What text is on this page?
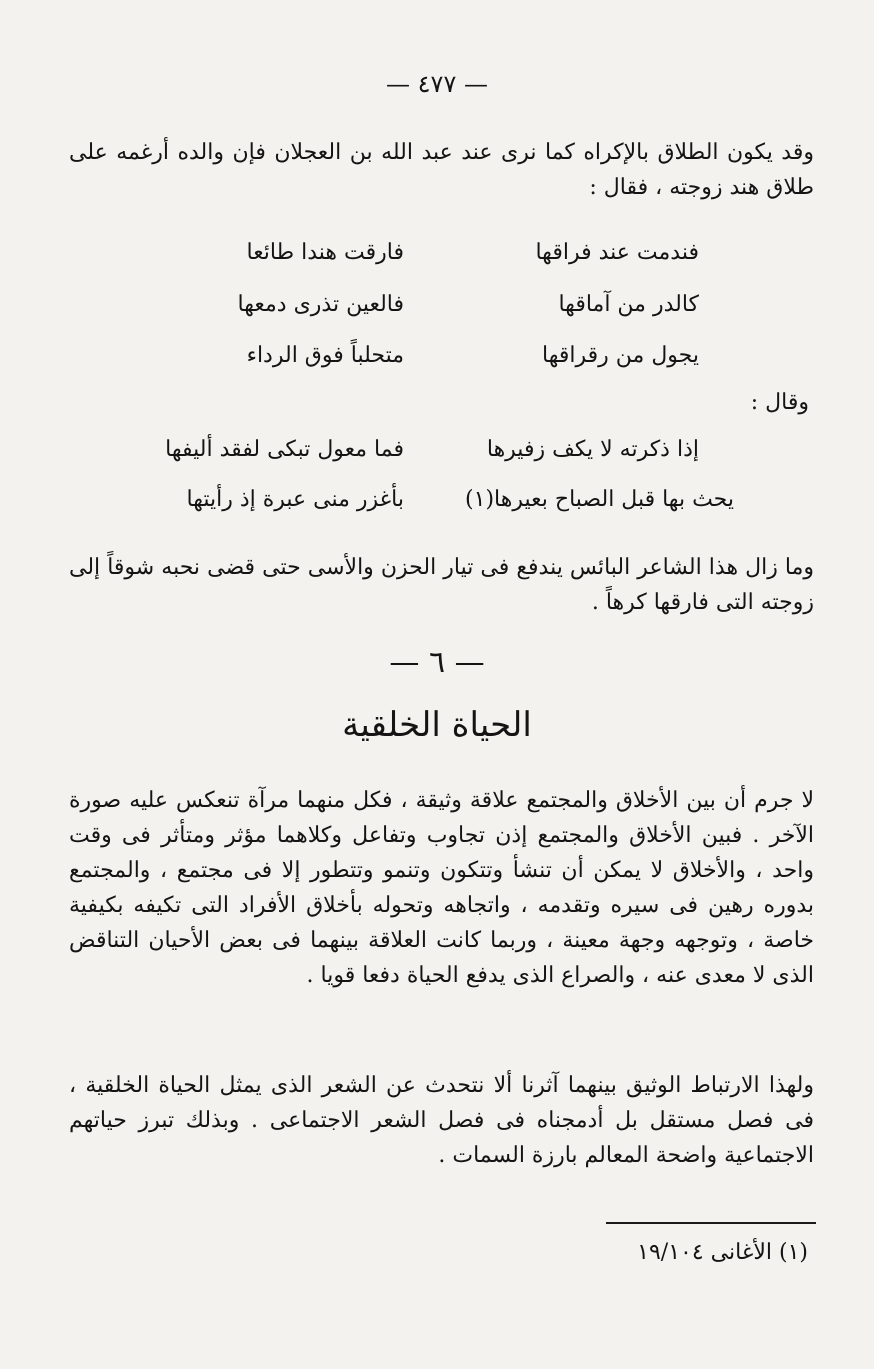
— ٤٧٧ —
وقد يكون الطلاق بالإكراه كما نرى عند عبد الله بن العجلان فإن والده أرغمه على طلاق هند زوجته ، فقال :
فارقت هندا طائعا	فندمت عند فراقها
فالعين تذرى دمعها	كالدر من آماقها
متحلباً فوق الرداء	يجول من رقراقها
وقال :
فما معول تبكى لفقد أليفها	إذا ذكرته لا يكف زفيرها
بأغزر منى عبرة إذ رأيتها	يحث بها قبل الصباح بعيرها(١)
وما زال هذا الشاعر البائس يندفع فى تيار الحزن والأسى حتى قضى نحبه شوقاً إلى زوجته التى فارقها كرهاً .
— ٦ —
الحياة الخلقية
لا جرم أن بين الأخلاق والمجتمع علاقة وثيقة ، فكل منهما مرآة تنعكس عليه صورة الآخر . فبين الأخلاق والمجتمع إذن تجاوب وتفاعل وكلاهما مؤثر ومتأثر فى وقت واحد ، والأخلاق لا يمكن أن تنشأ وتتكون وتنمو وتتطور إلا فى مجتمع ، والمجتمع بدوره رهين فى سيره وتقدمه ، واتجاهه وتحوله بأخلاق الأفراد التى تكيفه بكيفية خاصة ، وتوجهه وجهة معينة ، وربما كانت العلاقة بينهما فى بعض الأحيان التناقض الذى لا معدى عنه ، والصراع الذى يدفع الحياة دفعا قويا .
ولهذا الارتباط الوثيق بينهما آثرنا ألا نتحدث عن الشعر الذى يمثل الحياة الخلقية ، فى فصل مستقل بل أدمجناه فى فصل الشعر الاجتماعى . وبذلك تبرز حياتهم الاجتماعية واضحة المعالم بارزة السمات .
(١) الأغانى ١٩/١٠٤
